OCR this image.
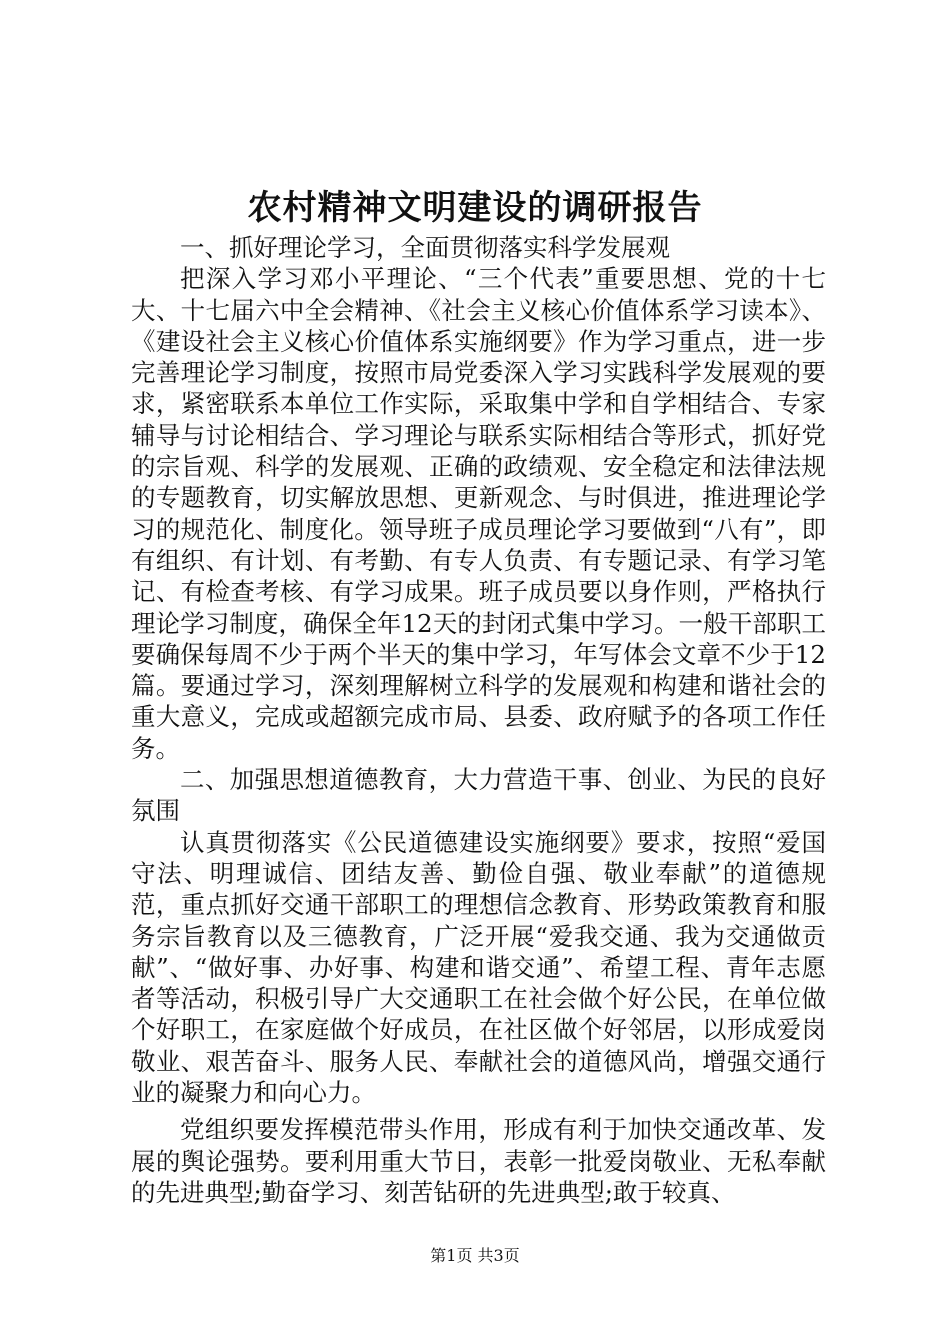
农村精神文明建设的调研报告

一、抓好理论学习，全面贯彻落实科学发展观

把深入学习邓小平理论、“三个代表”重要思想、党的十七大、十七届六中全会精神、《社会主义核心价值体系学习读本》、《建设社会主义核心价值体系实施纲要》作为学习重点，进一步完善理论学习制度，按照市局党委深入学习实践科学发展观的要求，紧密联系本单位工作实际，采取集中学和自学相结合、专家辅导与讨论相结合、学习理论与联系实际相结合等形式，抓好党的宗旨观、科学的发展观、正确的政绩观、安全稳定和法律法规的专题教育，切实解放思想、更新观念、与时俱进，推进理论学习的规范化、制度化。领导班子成员理论学习要做到“八有”，即有组织、有计划、有考勤、有专人负责、有专题记录、有学习笔记、有检查考核、有学习成果。班子成员要以身作则，严格执行理论学习制度，确保全年12天的封闭式集中学习。一般干部职工要确保每周不少于两个半天的集中学习，年写体会文章不少于12篇。要通过学习，深刻理解树立科学的发展观和构建和谐社会的重大意义，完成或超额完成市局、县委、政府赋予的各项工作任务。

二、加强思想道德教育，大力营造干事、创业、为民的良好氛围

认真贯彻落实《公民道德建设实施纲要》要求，按照“爱国守法、明理诚信、团结友善、勤俭自强、敬业奉献”的道德规范，重点抓好交通干部职工的理想信念教育、形势政策教育和服务宗旨教育以及三德教育，广泛开展“爱我交通、我为交通做贡献”、“做好事、办好事、构建和谐交通”、希望工程、青年志愿者等活动，积极引导广大交通职工在社会做个好公民，在单位做个好职工，在家庭做个好成员，在社区做个好邻居，以形成爱岗敬业、艰苦奋斗、服务人民、奉献社会的道德风尚，增强交通行业的凝聚力和向心力。

党组织要发挥模范带头作用，形成有利于加快交通改革、发展的舆论强势。要利用重大节日，表彰一批爱岗敬业、无私奉献的先进典型;勤奋学习、刻苦钻研的先进典型;敢于较真、

第1页 共3页
